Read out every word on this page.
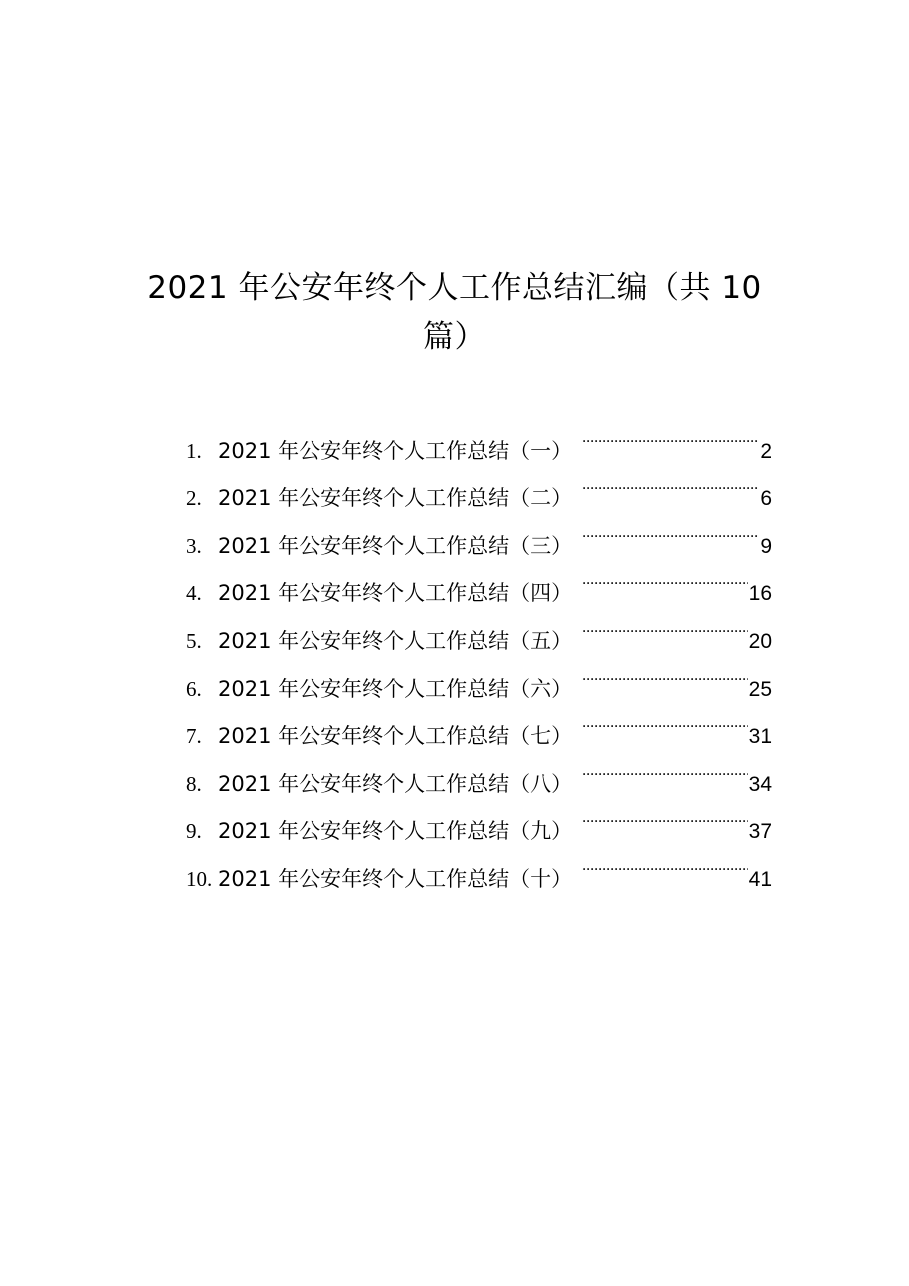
2021 年公安年终个人工作总结汇编（共 10 篇）
1. 2021 年公安年终个人工作总结（一） .....	2
2. 2021 年公安年终个人工作总结（二） .....	6
3. 2021 年公安年终个人工作总结（三） .....	9
4. 2021 年公安年终个人工作总结（四） .....	16
5. 2021 年公安年终个人工作总结（五） .....	20
6. 2021 年公安年终个人工作总结（六） .....	25
7. 2021 年公安年终个人工作总结（七） .....	31
8. 2021 年公安年终个人工作总结（八） .....	34
9. 2021 年公安年终个人工作总结（九） .....	37
10. 2021 年公安年终个人工作总结（十） .....	41
